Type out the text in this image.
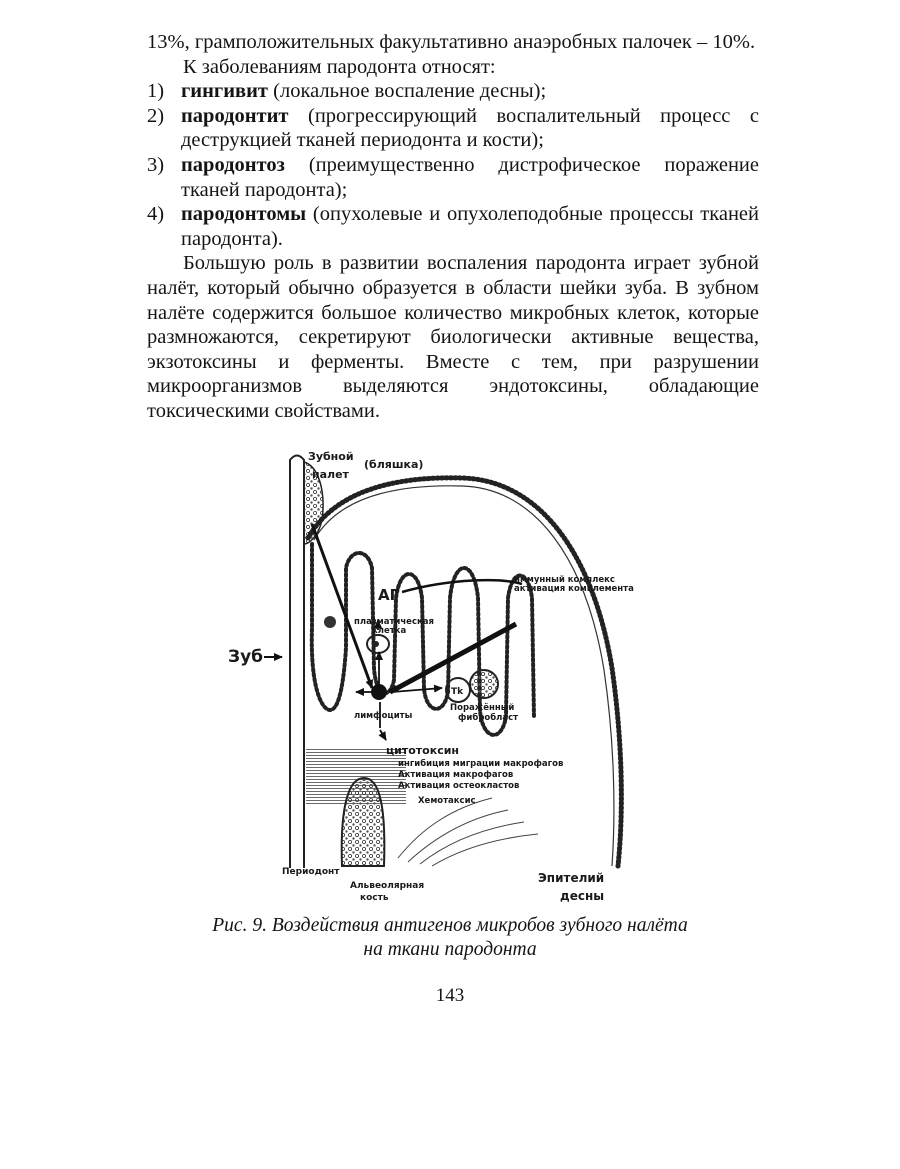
13%, грамположительных факультативно анаэробных палочек – 10%.

К заболеваниям пародонта относят:

1) гингивит (локальное воспаление десны);
2) пародонтит (прогрессирующий воспалительный процесс с деструкцией тканей периодонта и кости);
3) пародонтоз (преимущественно дистрофическое поражение тканей пародонта);
4) пародонтомы (опухолевые и опухолеподобные процессы тканей пародонта).

Большую роль в развитии воспаления пародонта играет зубной налёт, который обычно образуется в области шейки зуба. В зубном налёте содержится большое количество микробных клеток, которые размножаются, секретируют биологически активные вещества, экзотоксины и ферменты. Вместе с тем, при разрушении микроорганизмов выделяются эндотоксины, обладающие токсическими свойствами.

Зубной
(бляшка)
налет
иммунный комплекс
активация комплемента
АГ
плазматическая
клетка
Зуб
Tk
лимфоциты
Поражённый
фибробласт
цитотоксин
ингибиция миграции макрофагов
Активация макрофагов
Активация остеокластов
Хемотаксис
Периодонт
Альвеолярная
кость
Эпителий
десны
Рис. 9. Воздействия антигенов микробов зубного налёта
на ткани пародонта
143
